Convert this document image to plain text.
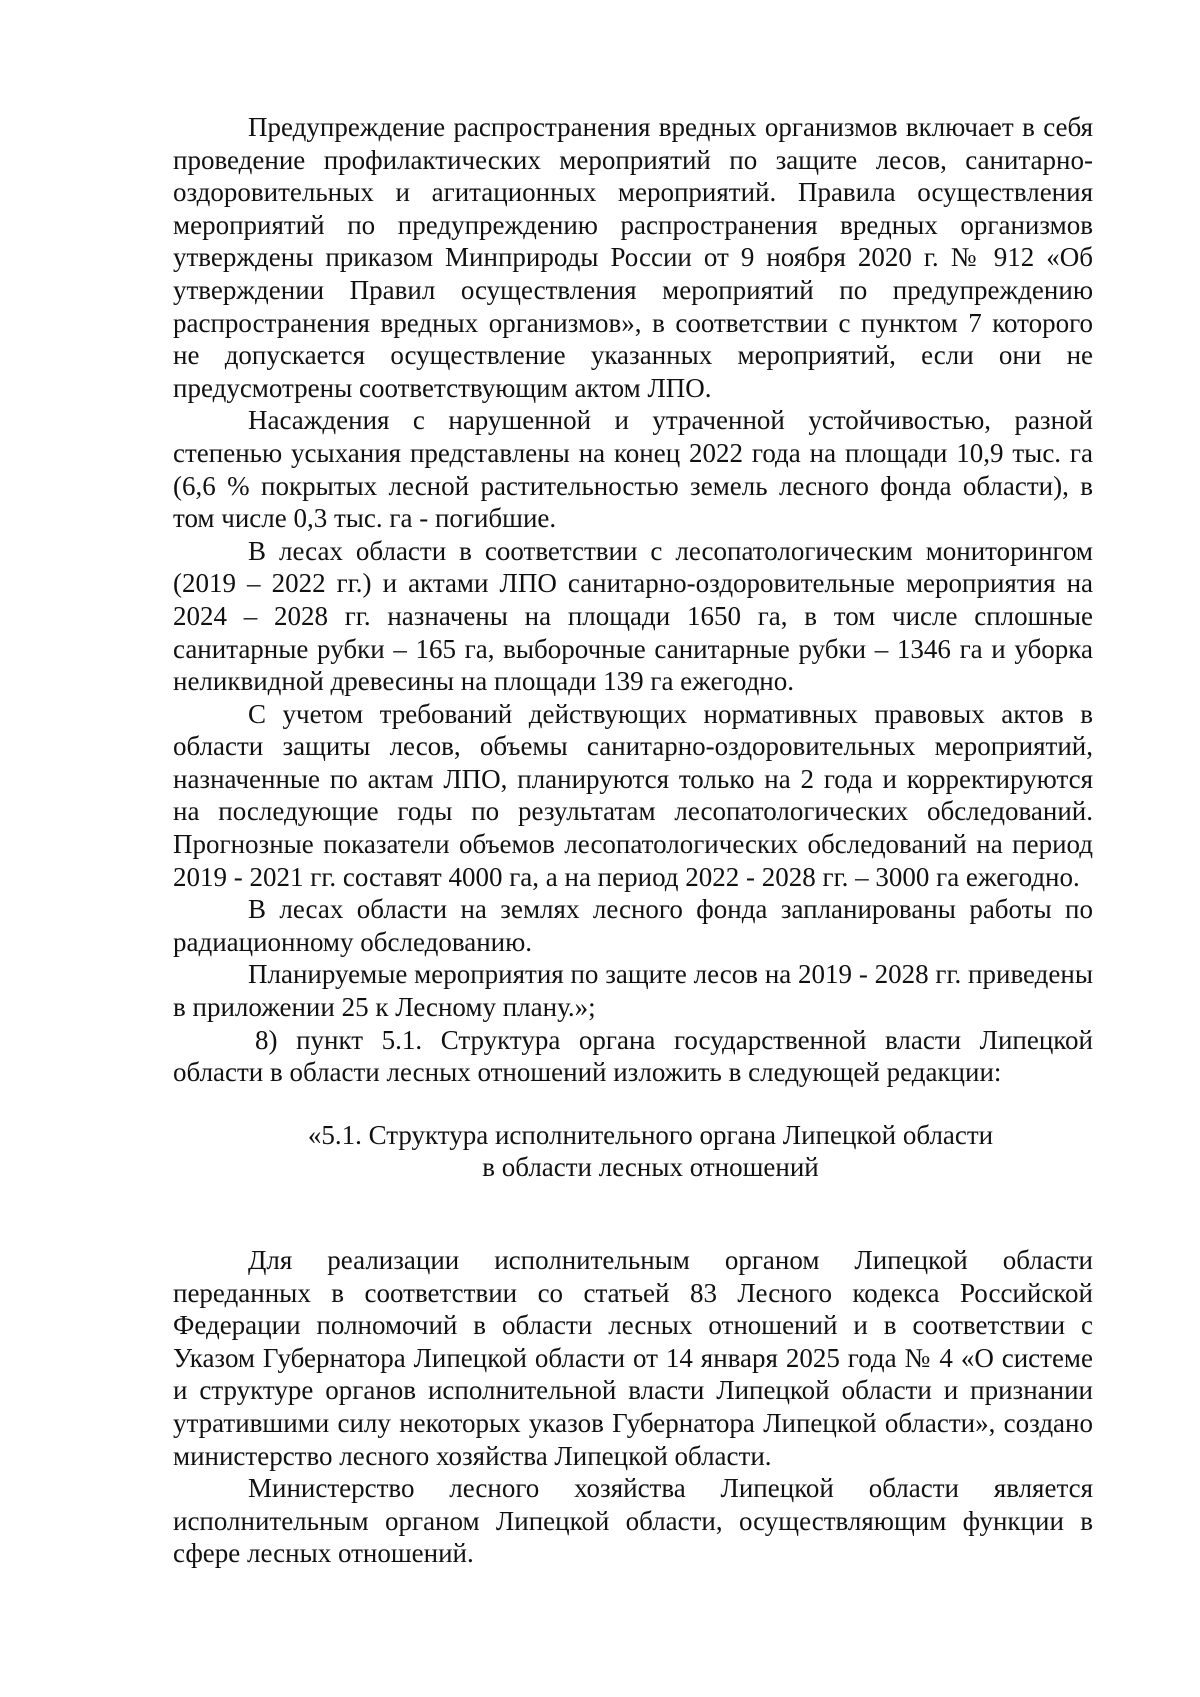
Предупреждение распространения вредных организмов включает в себя проведение профилактических мероприятий по защите лесов, санитарно-оздоровительных и агитационных мероприятий. Правила осуществления мероприятий по предупреждению распространения вредных организмов утверждены приказом Минприроды России от 9 ноября 2020 г. № 912 «Об утверждении Правил осуществления мероприятий по предупреждению распространения вредных организмов», в соответствии с пунктом 7 которого не допускается осуществление указанных мероприятий, если они не предусмотрены соответствующим актом ЛПО.

Насаждения с нарушенной и утраченной устойчивостью, разной степенью усыхания представлены на конец 2022 года на площади 10,9 тыс. га (6,6 % покрытых лесной растительностью земель лесного фонда области), в том числе 0,3 тыс. га - погибшие.

В лесах области в соответствии с лесопатологическим мониторингом (2019 – 2022 гг.) и актами ЛПО санитарно-оздоровительные мероприятия на 2024 – 2028 гг. назначены на площади 1650 га, в том числе сплошные санитарные рубки – 165 га, выборочные санитарные рубки – 1346 га и уборка неликвидной древесины на площади 139 га ежегодно.

С учетом требований действующих нормативных правовых актов в области защиты лесов, объемы санитарно-оздоровительных мероприятий, назначенные по актам ЛПО, планируются только на 2 года и корректируются на последующие годы по результатам лесопатологических обследований. Прогнозные показатели объемов лесопатологических обследований на период 2019 - 2021 гг. составят 4000 га, а на период 2022 - 2028 гг. – 3000 га ежегодно.

В лесах области на землях лесного фонда запланированы работы по радиационному обследованию.

Планируемые мероприятия по защите лесов на 2019 - 2028 гг. приведены в приложении 25 к Лесному плану.»;

8) пункт 5.1. Структура органа государственной власти Липецкой области в области лесных отношений изложить в следующей редакции:

«5.1. Структура исполнительного органа Липецкой области
в области лесных отношений

Для реализации исполнительным органом Липецкой области переданных в соответствии со статьей 83 Лесного кодекса Российской Федерации полномочий в области лесных отношений и в соответствии с Указом Губернатора Липецкой области от 14 января 2025 года № 4 «О системе и структуре органов исполнительной власти Липецкой области и признании утратившими силу некоторых указов Губернатора Липецкой области», создано министерство лесного хозяйства Липецкой области.

Министерство лесного хозяйства Липецкой области является исполнительным органом Липецкой области, осуществляющим функции в сфере лесных отношений.
